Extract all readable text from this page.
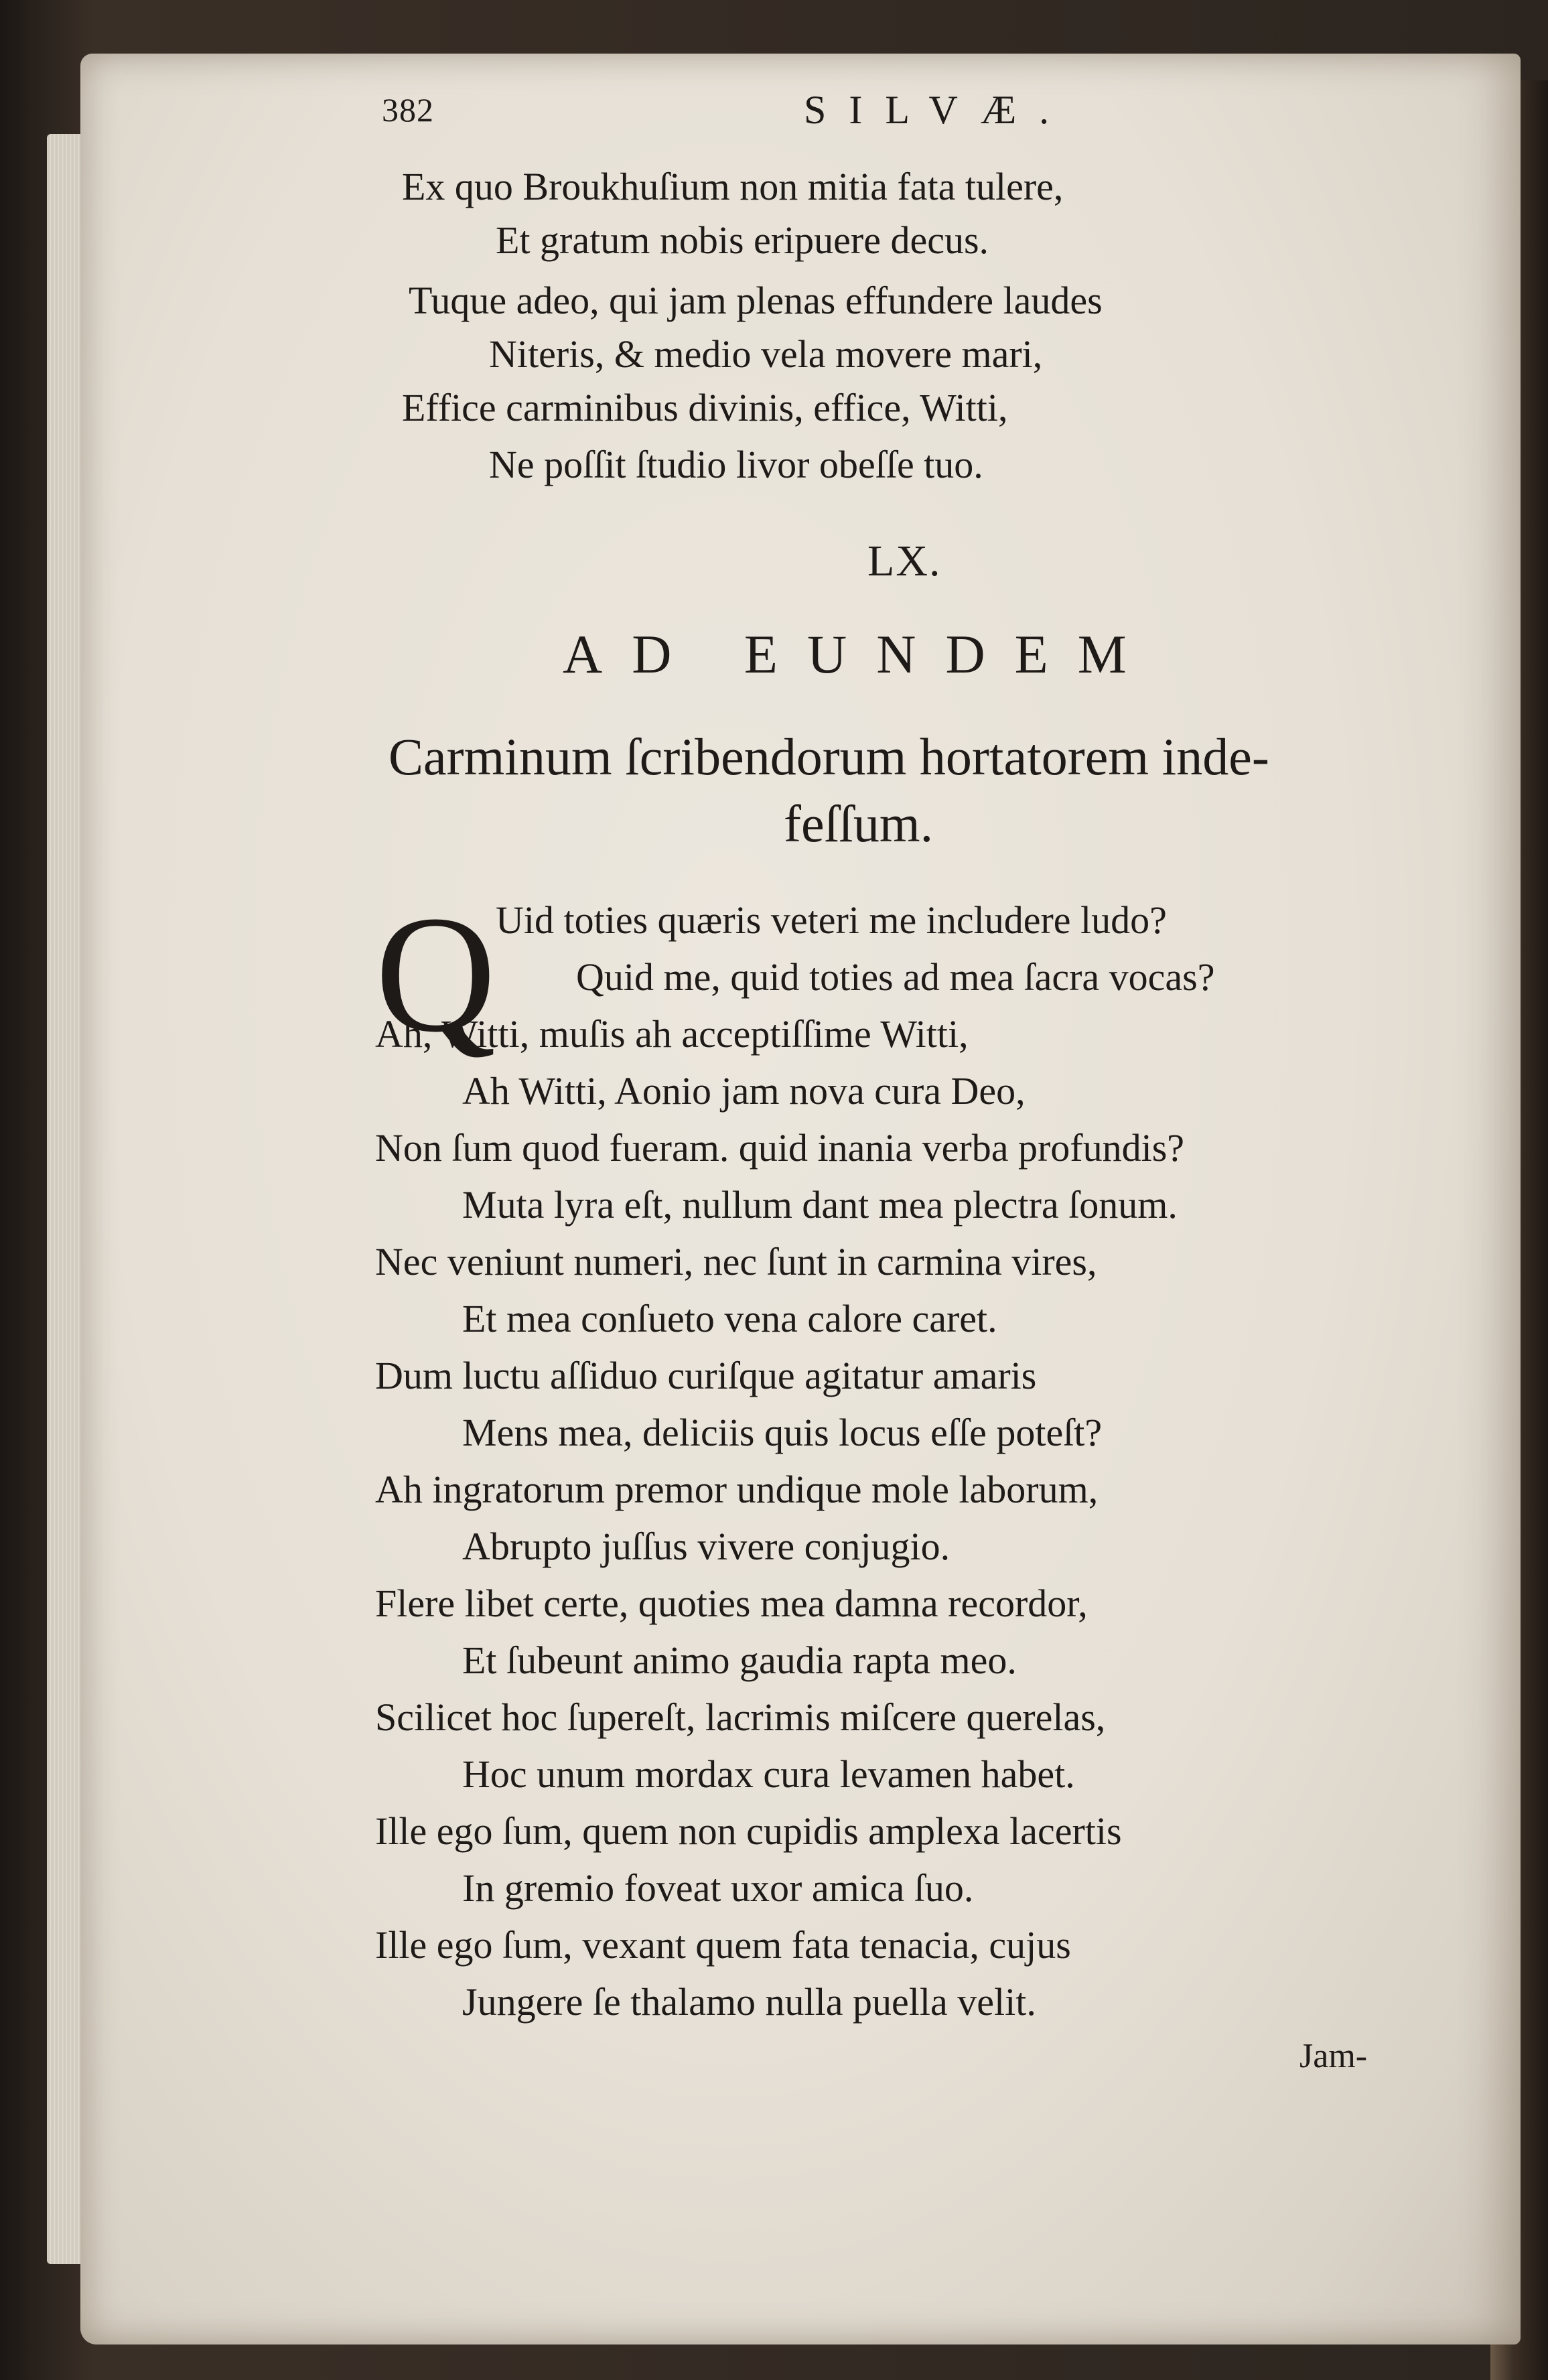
382	SILVÆ.
Ex quo Broukhuſium non mitia fata tulere,
Et gratum nobis eripuere decus.
Tuque adeo, qui jam plenas effundere laudes
Niteris, & medio vela movere mari,
Effice carminibus divinis, effice, Witti,
Ne poſſit ſtudio livor obeſſe tuo.
LX.
AD EUNDEM
Carminum ſcribendorum hortatorem inde-
feſſum.
Q Uid toties quæris veteri me includere ludo?
Quid me, quid toties ad mea ſacra vocas?
Ah, Witti, muſis ah acceptiſſime Witti,
Ah Witti, Aonio jam nova cura Deo,
Non ſum quod fueram. quid inania verba profundis?
Muta lyra eſt, nullum dant mea plectra ſonum.
Nec veniunt numeri, nec ſunt in carmina vires,
Et mea conſueto vena calore caret.
Dum luctu aſſiduo curiſque agitatur amaris
Mens mea, deliciis quis locus eſſe poteſt?
Ah ingratorum premor undique mole laborum,
Abrupto juſſus vivere conjugio.
Flere libet certe, quoties mea damna recordor,
Et ſubeunt animo gaudia rapta meo.
Scilicet hoc ſupereſt, lacrimis miſcere querelas,
Hoc unum mordax cura levamen habet.
Ille ego ſum, quem non cupidis amplexa lacertis
In gremio foveat uxor amica ſuo.
Ille ego ſum, vexant quem fata tenacia, cujus
Jungere ſe thalamo nulla puella velit.
Jam-
